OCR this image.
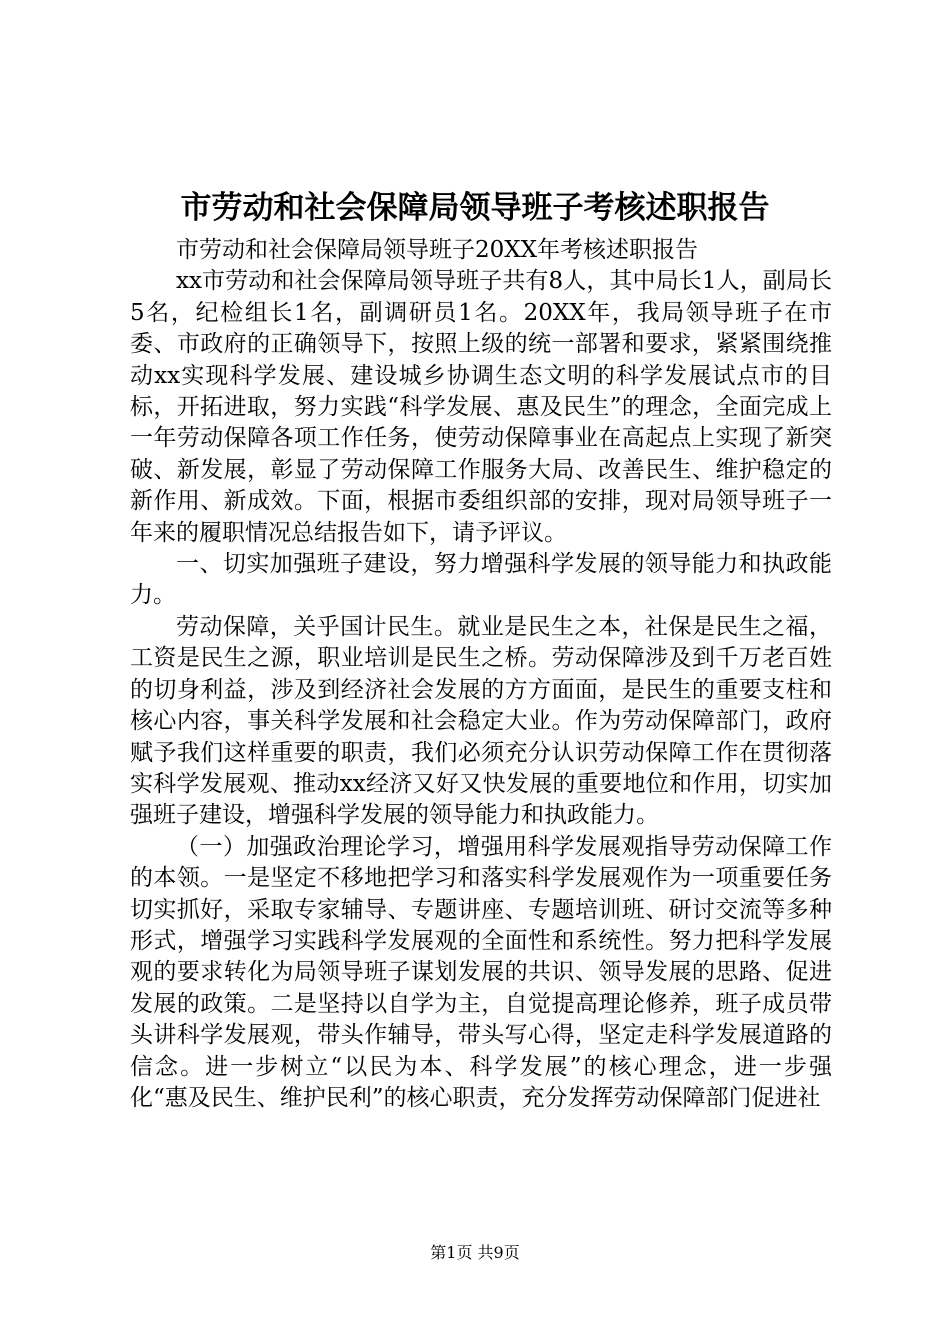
市劳动和社会保障局领导班子考核述职报告

市劳动和社会保障局领导班子20XX年考核述职报告

xx市劳动和社会保障局领导班子共有8人，其中局长1人，副局长5名，纪检组长1名，副调研员1名。20XX年，我局领导班子在市委、市政府的正确领导下，按照上级的统一部署和要求，紧紧围绕推动xx实现科学发展、建设城乡协调生态文明的科学发展试点市的目标，开拓进取，努力实践“科学发展、惠及民生”的理念，全面完成上一年劳动保障各项工作任务，使劳动保障事业在高起点上实现了新突破、新发展，彰显了劳动保障工作服务大局、改善民生、维护稳定的新作用、新成效。下面，根据市委组织部的安排，现对局领导班子一年来的履职情况总结报告如下，请予评议。

一、切实加强班子建设，努力增强科学发展的领导能力和执政能力。

劳动保障，关乎国计民生。就业是民生之本，社保是民生之福，工资是民生之源，职业培训是民生之桥。劳动保障涉及到千万老百姓的切身利益，涉及到经济社会发展的方方面面，是民生的重要支柱和核心内容，事关科学发展和社会稳定大业。作为劳动保障部门，政府赋予我们这样重要的职责，我们必须充分认识劳动保障工作在贯彻落实科学发展观、推动xx经济又好又快发展的重要地位和作用，切实加强班子建设，增强科学发展的领导能力和执政能力。

（一）加强政治理论学习，增强用科学发展观指导劳动保障工作的本领。一是坚定不移地把学习和落实科学发展观作为一项重要任务切实抓好，采取专家辅导、专题讲座、专题培训班、研讨交流等多种形式，增强学习实践科学发展观的全面性和系统性。努力把科学发展观的要求转化为局领导班子谋划发展的共识、领导发展的思路、促进发展的政策。二是坚持以自学为主，自觉提高理论修养，班子成员带头讲科学发展观，带头作辅导，带头写心得，坚定走科学发展道路的信念。进一步树立“以民为本、科学发展”的核心理念，进一步强化“惠及民生、维护民利”的核心职责，充分发挥劳动保障部门促进社

第1页 共9页
